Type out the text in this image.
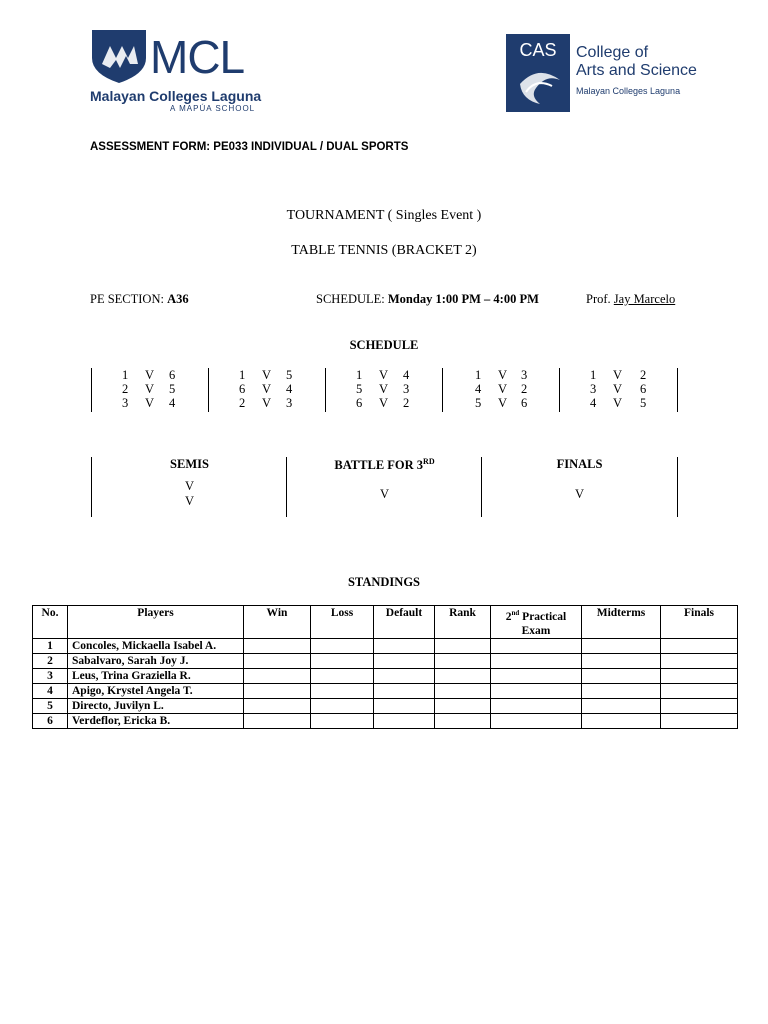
MCL
Malayan Colleges Laguna
A MAPÚA SCHOOL
CAS College of
Arts and Science
Malayan Colleges Laguna
ASSESSMENT FORM: PE033 INDIVIDUAL / DUAL SPORTS
TOURNAMENT ( Singles Event )
TABLE TENNIS (BRACKET 2)
PE SECTION: A36	SCHEDULE: Monday 1:00 PM – 4:00 PM	Prof. Jay Marcelo
SCHEDULE
1 V 6
2 V 5
3 V 4
1 V 5
6 V 4
2 V 3
1 V 4
5 V 3
6 V 2
1 V 3
4 V 2
5 V 6
1 V 2
3 V 6
4 V 5
SEMIS
V
V
BATTLE FOR 3RD
V
FINALS
V
STANDINGS
No.	Players	Win	Loss	Default	Rank	2nd Practical Exam	Midterms	Finals
1	Concoles, Mickaella Isabel A.							
2	Sabalvaro, Sarah Joy J.							
3	Leus, Trina Graziella R.							
4	Apigo, Krystel Angela T.							
5	Directo, Juvilyn L.							
6	Verdeflor, Ericka B.							
